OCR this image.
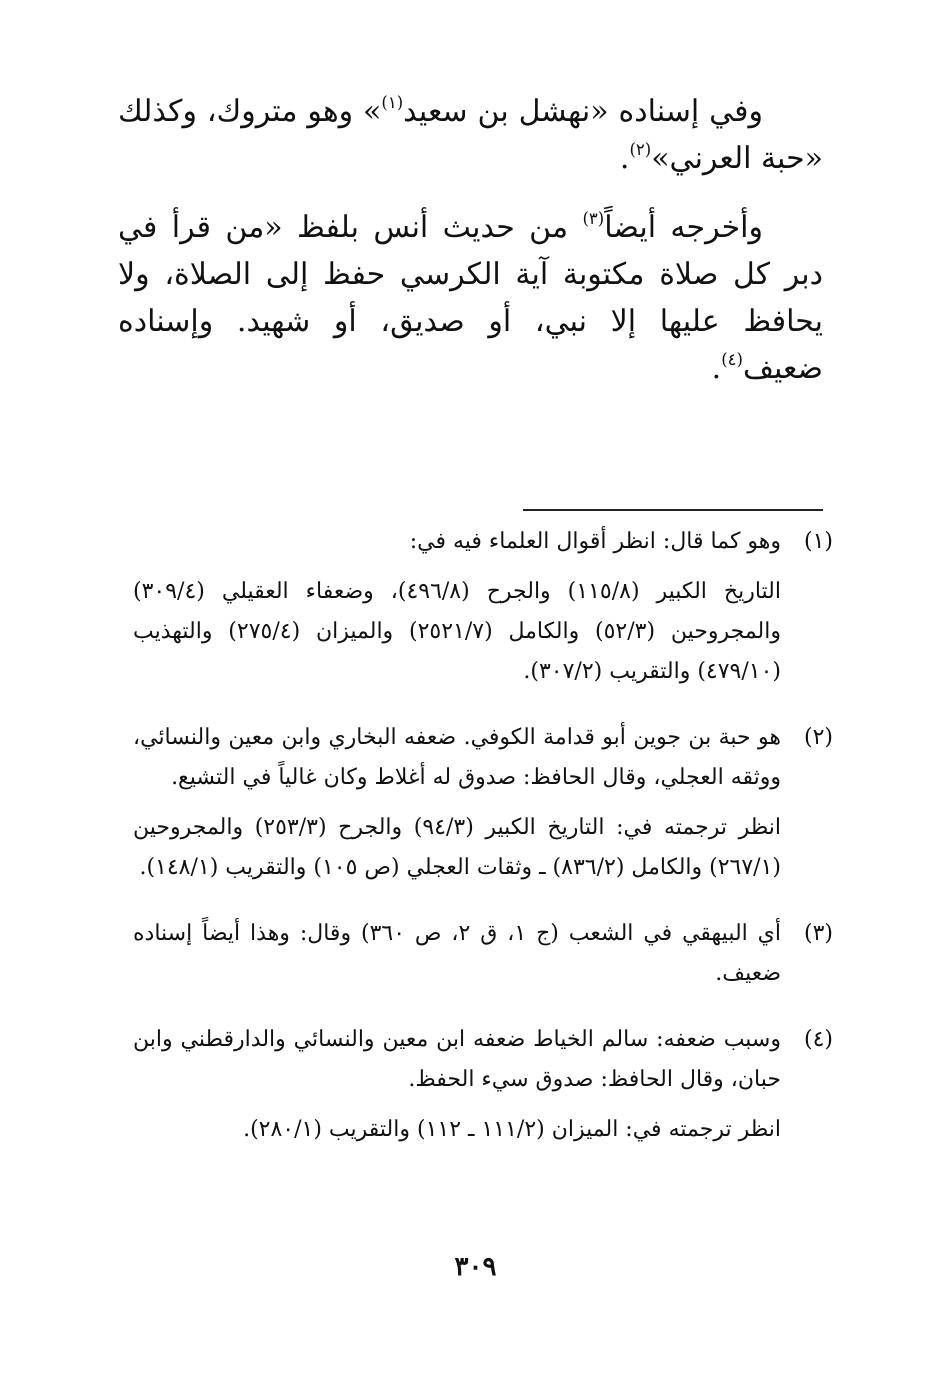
وفي إسناده «نهشل بن سعيد$^{(١)}$» وهو متروك، وكذلك «حبة العرني»$^{(٢)}$.

وأخرجه أيضاً$^{(٣)}$ من حديث أنس بلفظ «من قرأ في دبر كل صلاة مكتوبة آية الكرسي حفظ إلى الصلاة، ولا يحافظ عليها إلا نبي، أو صديق، أو شهيد. وإسناده ضعيف$^{(٤)}$.

(١)

وهو كما قال: انظر أقوال العلماء فيه في:

التاريخ الكبير (١١٥/٨) والجرح (٤٩٦/٨)، وضعفاء العقيلي (٣٠٩/٤) والمجروحين (٥٢/٣) والكامل (٢٥٢١/٧) والميزان (٢٧٥/٤) والتهذيب (٤٧٩/١٠) والتقريب (٣٠٧/٢).

(٢)

هو حبة بن جوين أبو قدامة الكوفي. ضعفه البخاري وابن معين والنسائي، ووثقه العجلي، وقال الحافظ: صدوق له أغلاط وكان غالياً في التشيع.

انظر ترجمته في: التاريخ الكبير (٩٤/٣) والجرح (٢٥٣/٣) والمجروحين (٢٦٧/١) والكامل (٨٣٦/٢) ـ وثقات العجلي (ص ١٠٥) والتقريب (١٤٨/١).

(٣)

أي البيهقي في الشعب (ج ١، ق ٢، ص ٣٦٠) وقال: وهذا أيضاً إسناده ضعيف.

(٤)

وسبب ضعفه: سالم الخياط ضعفه ابن معين والنسائي والدارقطني وابن حبان، وقال الحافظ: صدوق سيء الحفظ.

انظر ترجمته في: الميزان (١١١/٢ ـ ١١٢) والتقريب (٢٨٠/١).

٣٠٩
